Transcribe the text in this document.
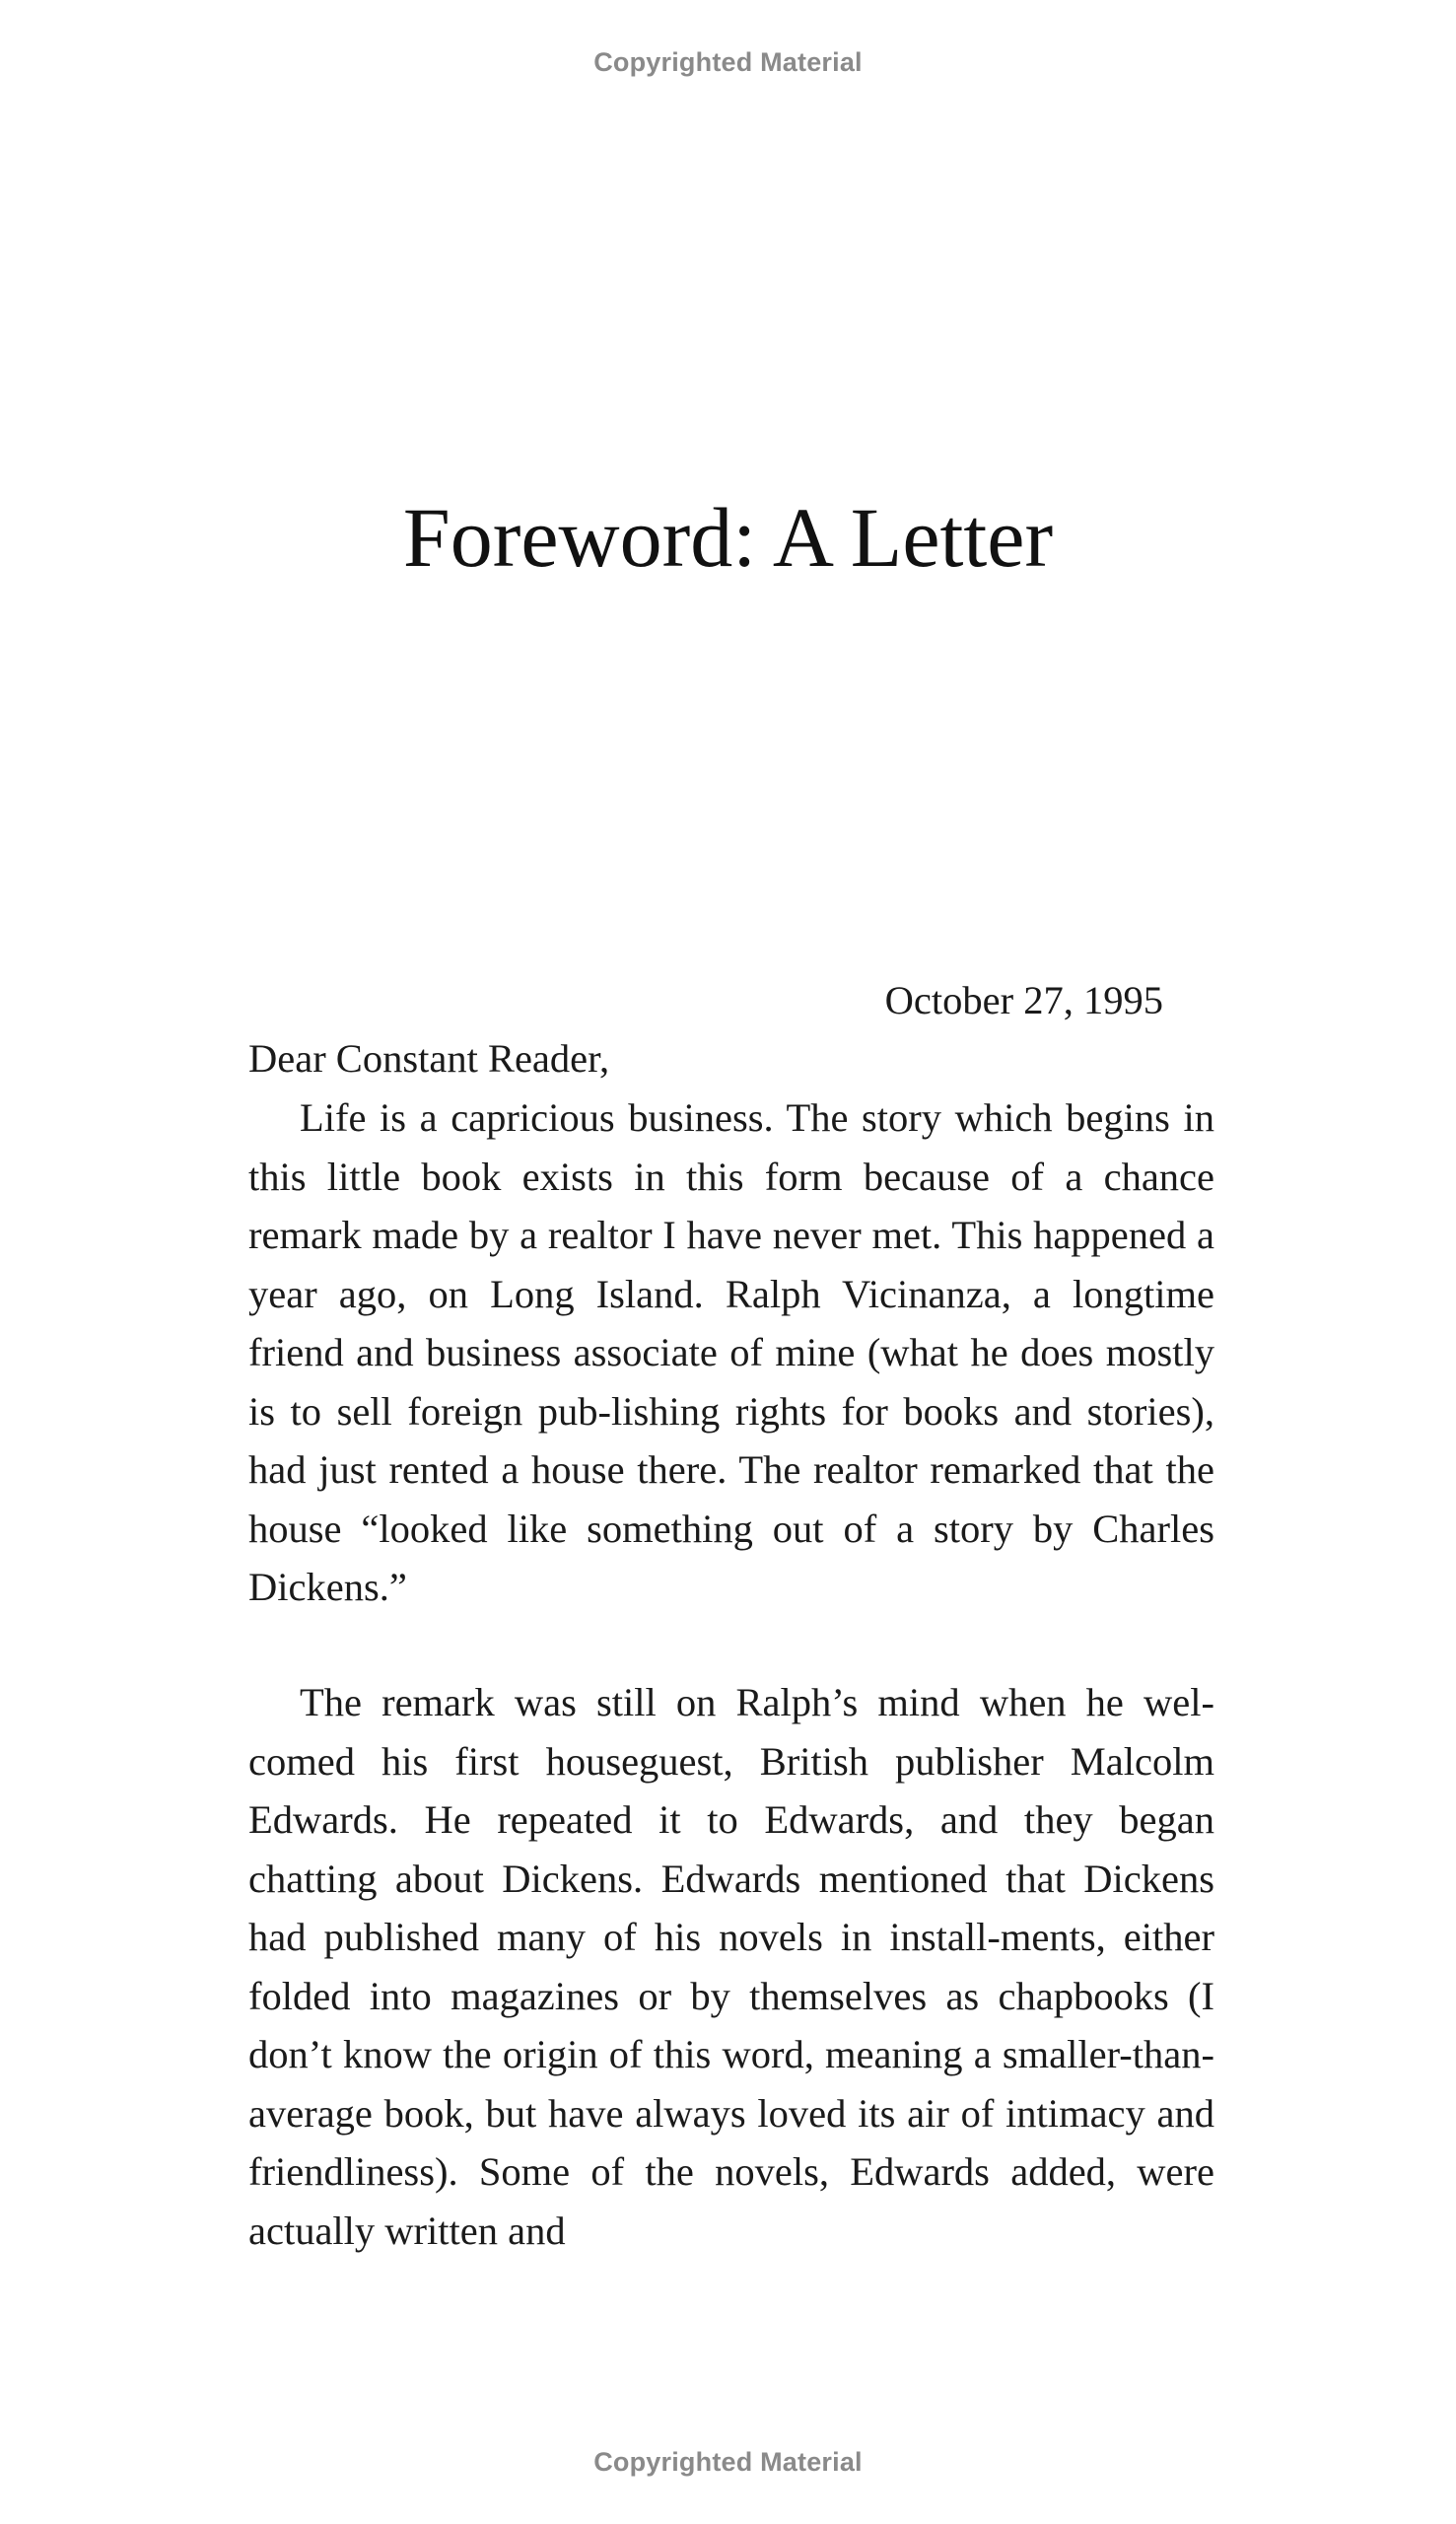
Copyrighted Material
Foreword: A Letter
October 27, 1995
Dear Constant Reader,

Life is a capricious business. The story which begins in this little book exists in this form because of a chance remark made by a realtor I have never met. This happened a year ago, on Long Island. Ralph Vicinanza, a longtime friend and business associate of mine (what he does mostly is to sell foreign pub-lishing rights for books and stories), had just rented a house there. The realtor remarked that the house “looked like something out of a story by Charles Dickens.”

The remark was still on Ralph’s mind when he wel-comed his first houseguest, British publisher Malcolm Edwards. He repeated it to Edwards, and they began chatting about Dickens. Edwards mentioned that Dickens had published many of his novels in install-ments, either folded into magazines or by themselves as chapbooks (I don’t know the origin of this word, meaning a smaller-than-average book, but have always loved its air of intimacy and friendliness). Some of the novels, Edwards added, were actually written and

Copyrighted Material
